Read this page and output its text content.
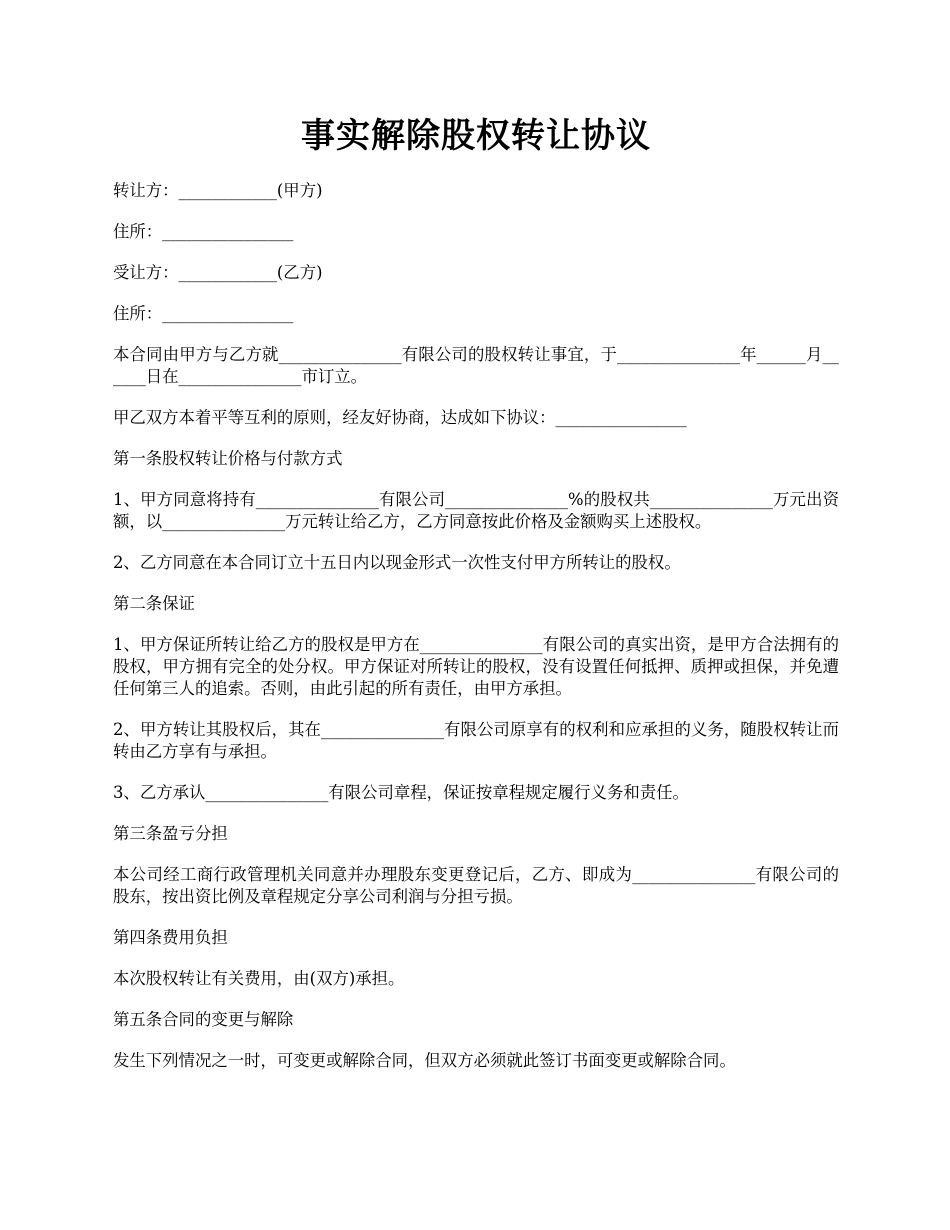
事实解除股权转让协议

转让方：____________(甲方)

住所：________________

受让方：____________(乙方)

住所：________________

本合同由甲方与乙方就_______________有限公司的股权转让事宜，于_______________年______月______日在_______________市订立。

甲乙双方本着平等互利的原则，经友好协商，达成如下协议：________________

第一条股权转让价格与付款方式

1、甲方同意将持有_______________有限公司_______________%的股权共_______________万元出资额，以_______________万元转让给乙方，乙方同意按此价格及金额购买上述股权。

2、乙方同意在本合同订立十五日内以现金形式一次性支付甲方所转让的股权。

第二条保证

1、甲方保证所转让给乙方的股权是甲方在_______________有限公司的真实出资，是甲方合法拥有的股权，甲方拥有完全的处分权。甲方保证对所转让的股权，没有设置任何抵押、质押或担保，并免遭任何第三人的追索。否则，由此引起的所有责任，由甲方承担。

2、甲方转让其股权后，其在_______________有限公司原享有的权利和应承担的义务，随股权转让而转由乙方享有与承担。

3、乙方承认_______________有限公司章程，保证按章程规定履行义务和责任。

第三条盈亏分担

本公司经工商行政管理机关同意并办理股东变更登记后，乙方、即成为_______________有限公司的股东，按出资比例及章程规定分享公司利润与分担亏损。

第四条费用负担

本次股权转让有关费用，由(双方)承担。

第五条合同的变更与解除

发生下列情况之一时，可变更或解除合同，但双方必须就此签订书面变更或解除合同。
